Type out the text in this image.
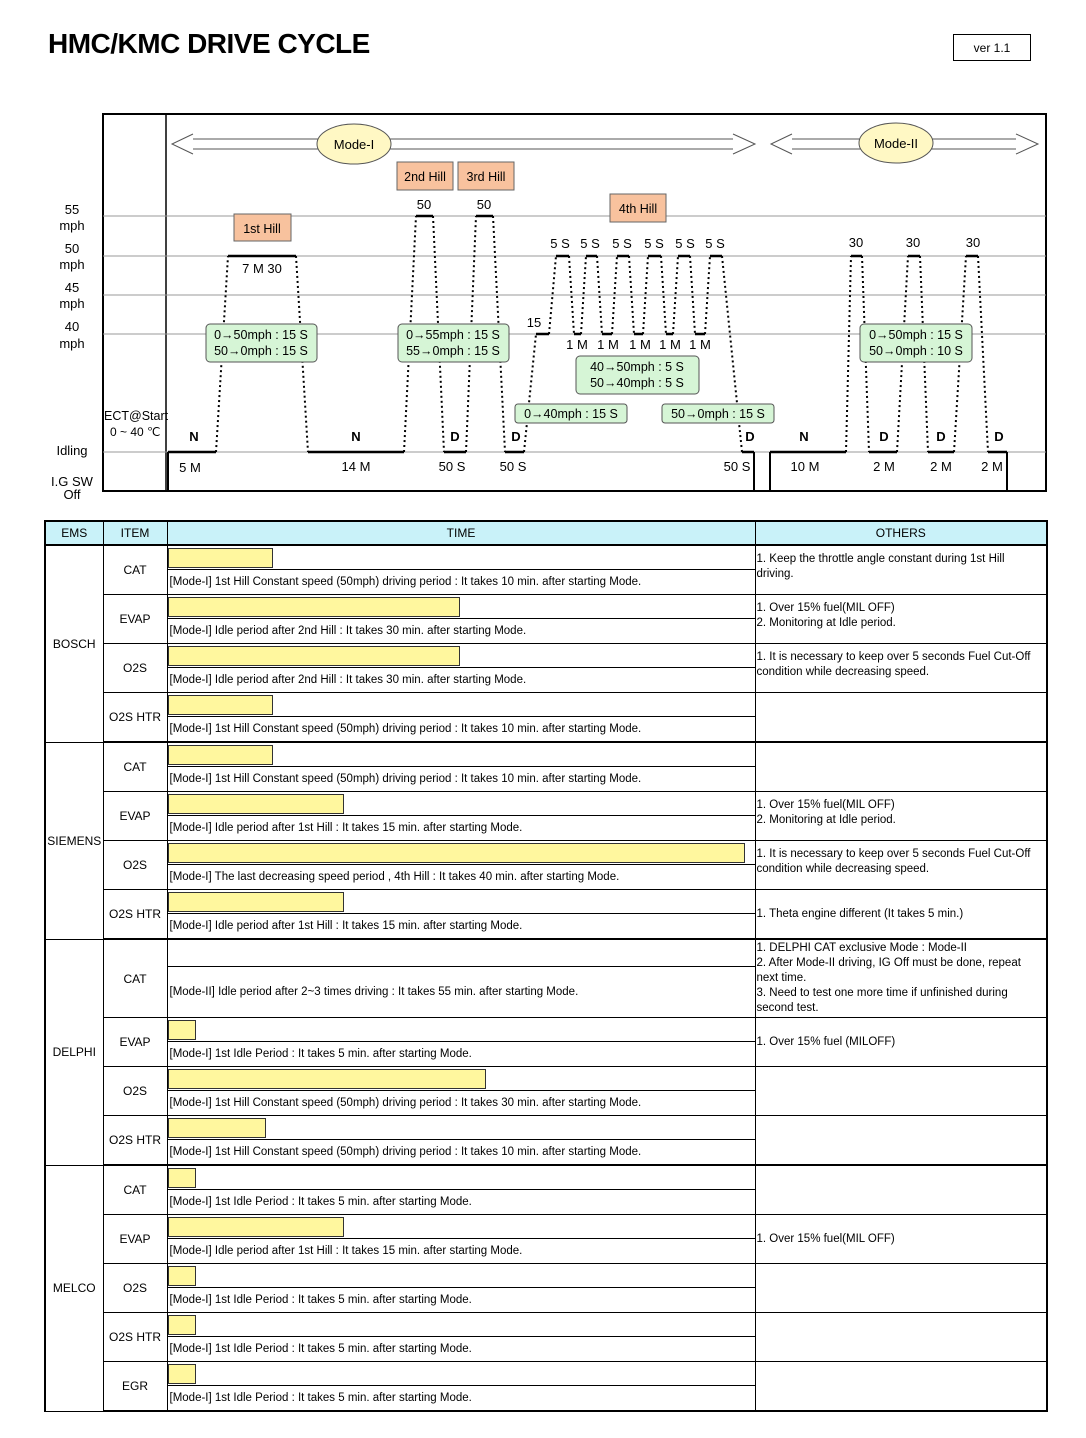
HMC/KMC DRIVE CYCLE	ver 1.1
55
mph
50
mph
45
mph
40
mph
Idling
I.G SW
Off
ECT@Start
0 ~ 40 ℃
Mode-I	Mode-II
1st Hill
2nd Hill 3rd Hill
4th Hill
50	50
15
30	30	30
7 M 30
5 S 5 S 5 S 5 S 5 S 5 S
1 M 1 M 1 M 1 M 1 M
N	N	D	D	D	N	D	D	D
5 M	14 M	50 S	50 S	50 S	10 M	2 M	2 M 2 M
0→50mph : 15 S
50→0mph : 15 S
0→55mph : 15 S
55→0mph : 15 S
40→50mph : 5 S
50→40mph : 5 S
0→40mph : 15 S	50→0mph : 15 S
0→50mph : 15 S
50→0mph : 10 S
EMS	ITEM	TIME	OTHERS
BOSCH	CAT	[Mode-I] 1st Hill Constant speed (50mph) driving period : It takes 10 min. after starting Mode.	1. Keep the throttle angle constant during 1st Hill
driving.

	EVAP	[Mode-I] Idle period after 2nd Hill : It takes 30 min. after starting Mode.	1. Over 15% fuel(MIL OFF)
2. Monitoring at Idle period.

	O2S	[Mode-I] Idle period after 2nd Hill : It takes 30 min. after starting Mode.	1. It is necessary to keep over 5 seconds Fuel Cut-Off
condition while decreasing speed.

	O2S HTR	[Mode-I] 1st Hill Constant speed (50mph) driving period : It takes 10 min. after starting Mode.	

SIEMENS	CAT	[Mode-I] 1st Hill Constant speed (50mph) driving period : It takes 10 min. after starting Mode.	

	EVAP	[Mode-I] Idle period after 1st Hill : It takes 15 min. after starting Mode.	1. Over 15% fuel(MIL OFF)
2. Monitoring at Idle period.

	O2S	[Mode-I] The last decreasing speed period , 4th Hill : It takes 40 min. after starting Mode.	1. It is necessary to keep over 5 seconds Fuel Cut-Off
condition while decreasing speed.

	O2S HTR	[Mode-I] Idle period after 1st Hill : It takes 15 min. after starting Mode.	1. Theta engine different (It takes 5 min.)

DELPHI	CAT	[Mode-II] Idle period after 2~3 times driving : It takes 55 min. after starting Mode.	1. DELPHI CAT exclusive Mode : Mode-II
2. After Mode-II driving, IG Off must be done, repeat
next time.
3. Need to test one more time if unfinished during
second test.

	EVAP	[Mode-I] 1st Idle Period : It takes 5 min. after starting Mode.	1. Over 15% fuel (MILOFF)

	O2S	[Mode-I] 1st Hill Constant speed (50mph) driving period : It takes 30 min. after starting Mode.	

	O2S HTR	[Mode-I] 1st Hill Constant speed (50mph) driving period : It takes 10 min. after starting Mode.	

MELCO	CAT	[Mode-I] 1st Idle Period : It takes 5 min. after starting Mode.	

	EVAP	[Mode-I] Idle period after 1st Hill : It takes 15 min. after starting Mode.	1. Over 15% fuel(MIL OFF)

	O2S	[Mode-I] 1st Idle Period : It takes 5 min. after starting Mode.	

	O2S HTR	[Mode-I] 1st Idle Period : It takes 5 min. after starting Mode.	

	EGR	[Mode-I] 1st Idle Period : It takes 5 min. after starting Mode.	
